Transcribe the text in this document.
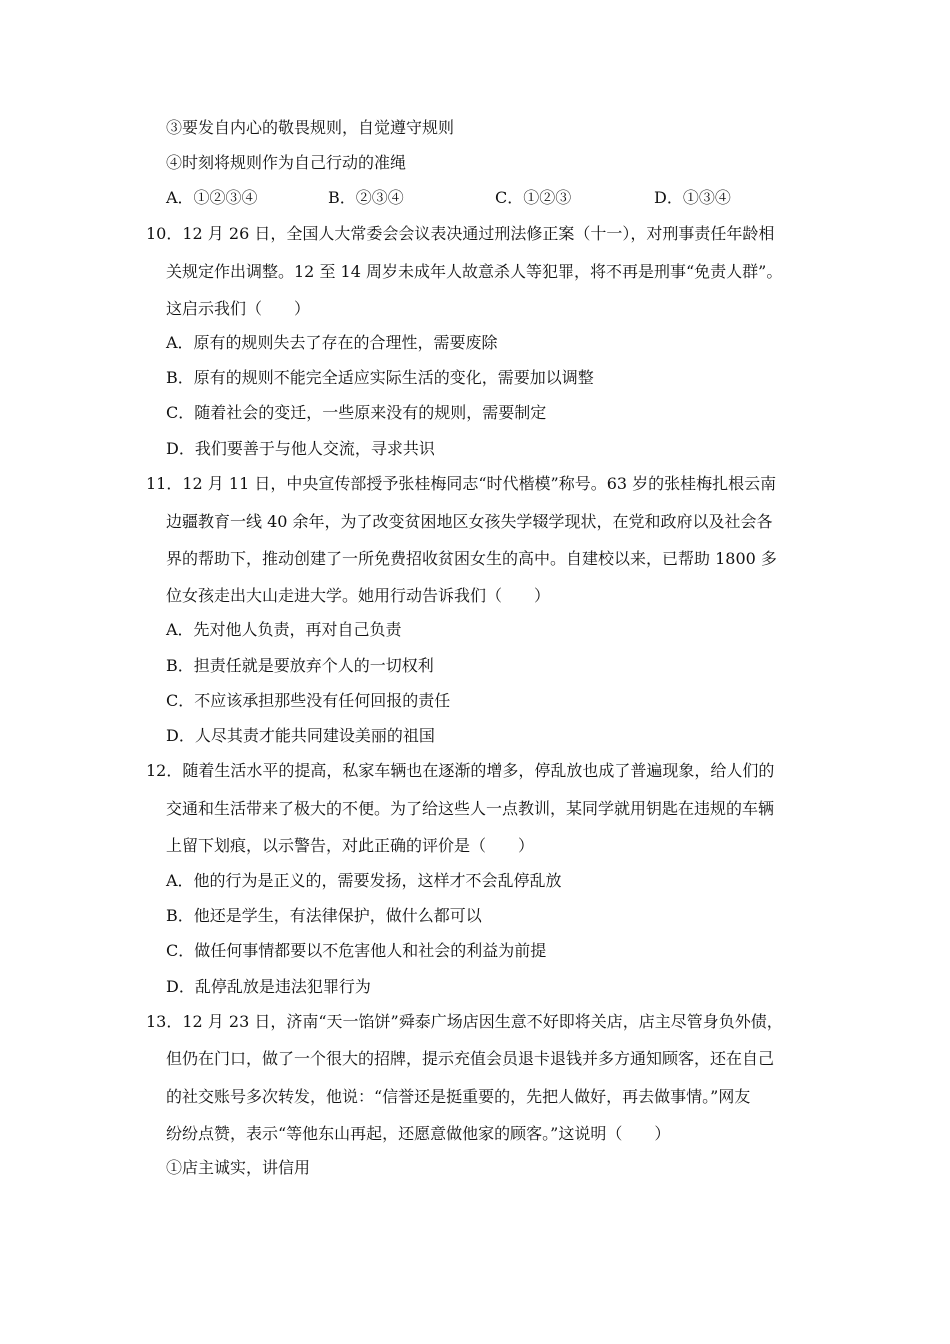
③要发自内心的敬畏规则，自觉遵守规则
④时刻将规则作为自己行动的准绳
A．①②③④	B．②③④	C．①②③	D．①③④
10．12 月 26 日，全国人大常委会会议表决通过刑法修正案（十一），对刑事责任年龄相
关规定作出调整。12 至 14 周岁未成年人故意杀人等犯罪，将不再是刑事“免责人群”。
这启示我们（　　）
A．原有的规则失去了存在的合理性，需要废除
B．原有的规则不能完全适应实际生活的变化，需要加以调整
C．随着社会的变迁，一些原来没有的规则，需要制定
D．我们要善于与他人交流，寻求共识
11．12 月 11 日，中央宣传部授予张桂梅同志“时代楷模”称号。63 岁的张桂梅扎根云南
边疆教育一线 40 余年，为了改变贫困地区女孩失学辍学现状，在党和政府以及社会各
界的帮助下，推动创建了一所免费招收贫困女生的高中。自建校以来，已帮助 1800 多
位女孩走出大山走进大学。她用行动告诉我们（　　）
A．先对他人负责，再对自己负责
B．担责任就是要放弃个人的一切权利
C．不应该承担那些没有任何回报的责任
D．人尽其责才能共同建设美丽的祖国
12．随着生活水平的提高，私家车辆也在逐渐的增多，停乱放也成了普遍现象，给人们的
交通和生活带来了极大的不便。为了给这些人一点教训，某同学就用钥匙在违规的车辆
上留下划痕，以示警告，对此正确的评价是（　　）
A．他的行为是正义的，需要发扬，这样才不会乱停乱放
B．他还是学生，有法律保护，做什么都可以
C．做任何事情都要以不危害他人和社会的利益为前提
D．乱停乱放是违法犯罪行为
13．12 月 23 日，济南“天一馅饼”舜泰广场店因生意不好即将关店，店主尽管身负外债，
但仍在门口，做了一个很大的招牌，提示充值会员退卡退钱并多方通知顾客，还在自己
的社交账号多次转发，他说：“信誉还是挺重要的，先把人做好，再去做事情。”网友
纷纷点赞，表示“等他东山再起，还愿意做他家的顾客。”这说明（　　）
①店主诚实，讲信用
